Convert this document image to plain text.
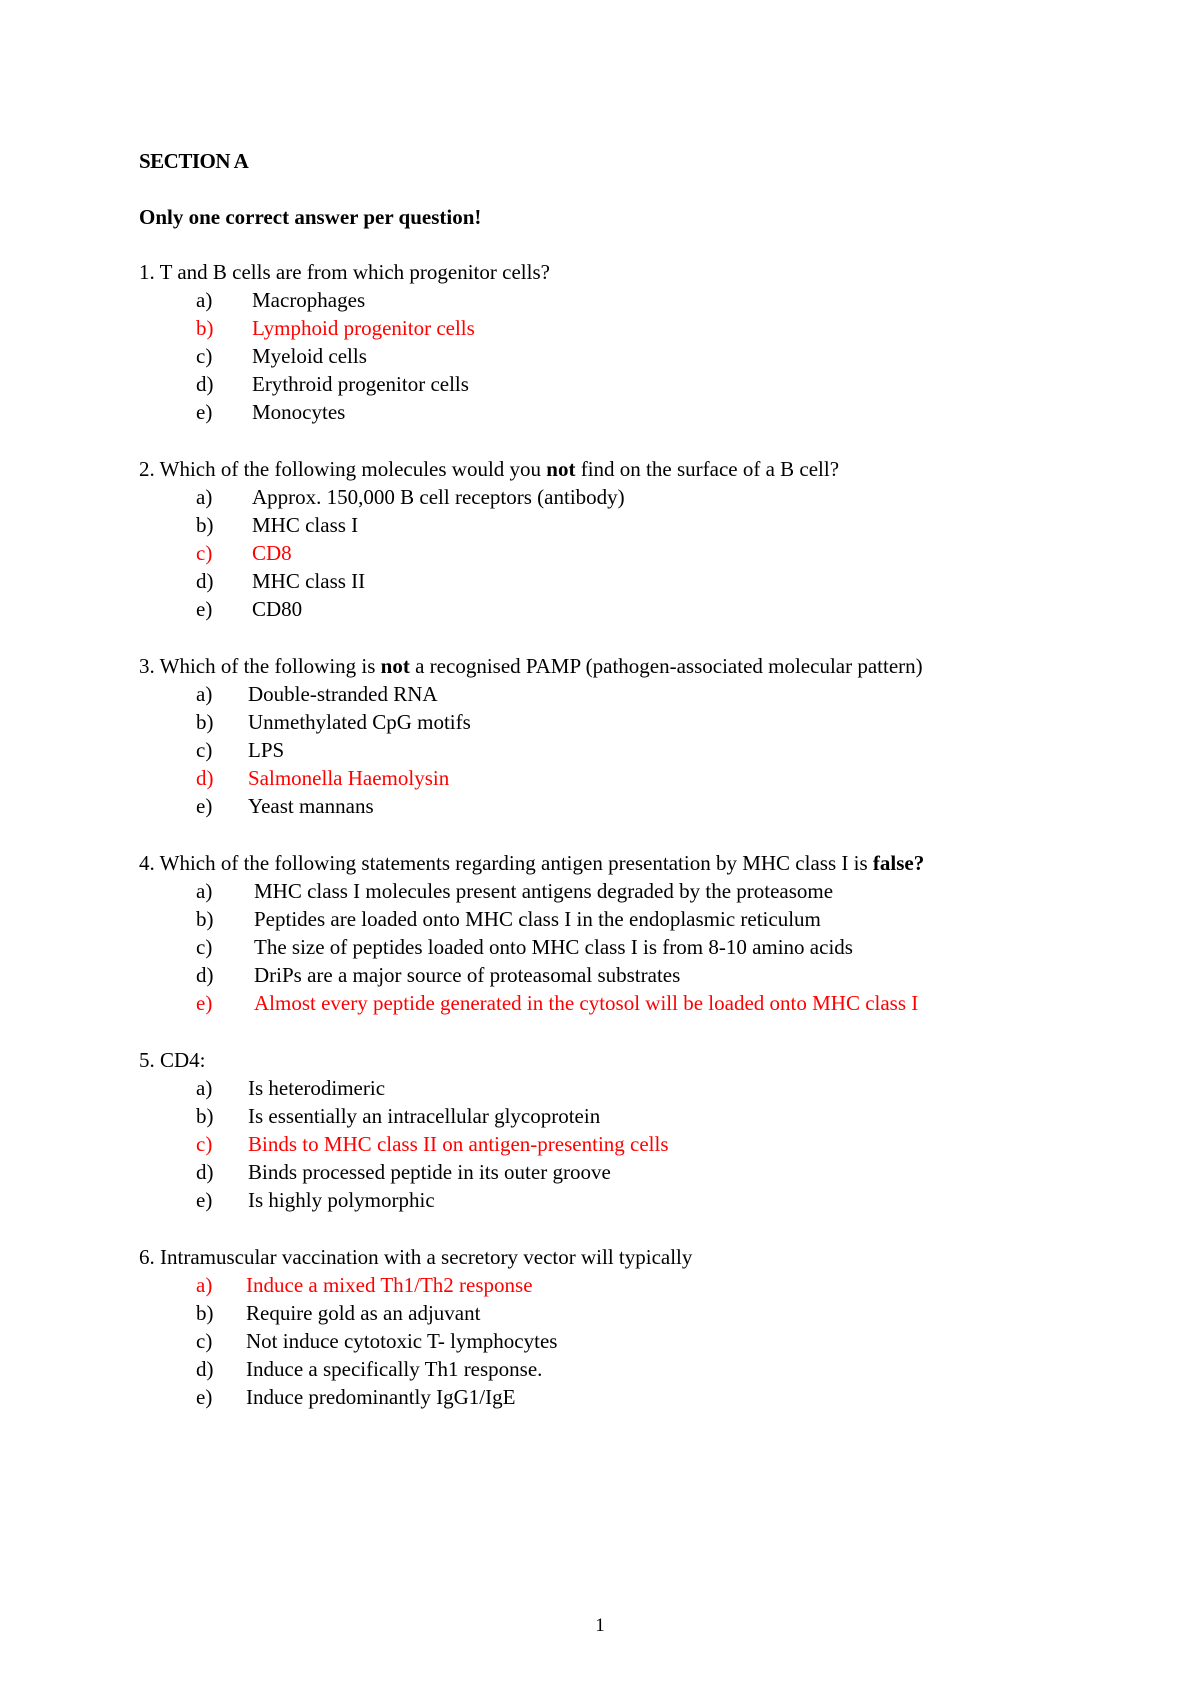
SECTION A
Only one correct answer per question!
1. T and B cells are from which progenitor cells?
a) Macrophages
b) Lymphoid progenitor cells
c) Myeloid cells
d) Erythroid progenitor cells
e) Monocytes
2. Which of the following molecules would you not find on the surface of a B cell?
a) Approx. 150,000 B cell receptors (antibody)
b) MHC class I
c) CD8
d) MHC class II
e) CD80
3. Which of the following is not a recognised PAMP (pathogen-associated molecular pattern)
a) Double-stranded RNA
b) Unmethylated CpG motifs
c) LPS
d) Salmonella Haemolysin
e) Yeast mannans
4. Which of the following statements regarding antigen presentation by MHC class I is false?
a) MHC class I molecules present antigens degraded by the proteasome
b) Peptides are loaded onto MHC class I in the endoplasmic reticulum
c) The size of peptides loaded onto MHC class I is from 8-10 amino acids
d) DriPs are a major source of proteasomal substrates
e) Almost every peptide generated in the cytosol will be loaded onto MHC class I
5. CD4:
a) Is heterodimeric
b) Is essentially an intracellular glycoprotein
c) Binds to MHC class II on antigen-presenting cells
d) Binds processed peptide in its outer groove
e) Is highly polymorphic
6. Intramuscular vaccination with a secretory vector will typically
a) Induce a mixed Th1/Th2 response
b) Require gold as an adjuvant
c) Not induce cytotoxic T- lymphocytes
d) Induce a specifically Th1 response.
e) Induce predominantly IgG1/IgE
1
